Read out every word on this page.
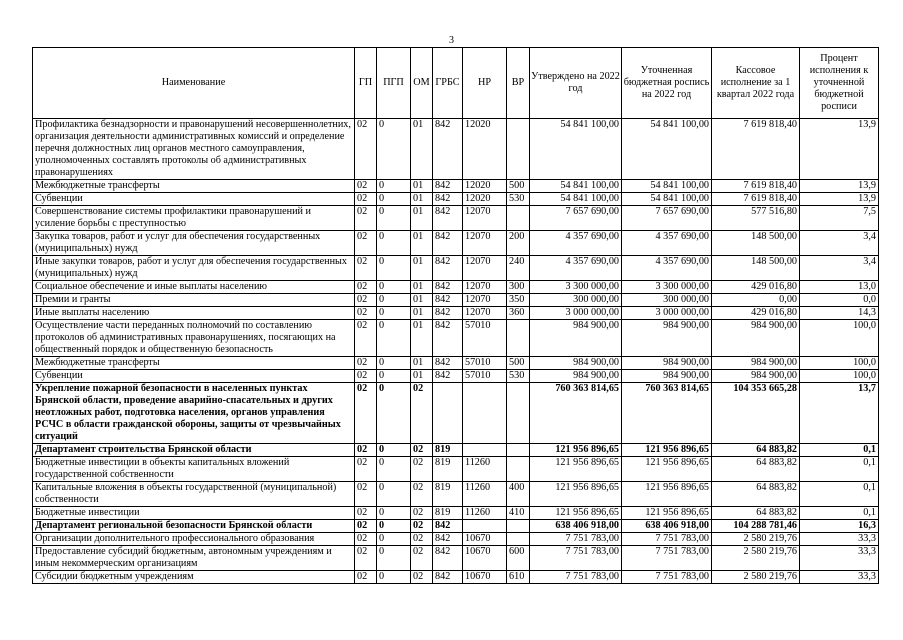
3
Наименование	ГП	ПГП	ОМ	ГРБС	НР	ВР	Утверждено на 2022 год	Уточненная бюджетная роспись на 2022 год	Кассовое исполнение за 1 квартал 2022 года	Процент исполнения к уточненной бюджетной росписи
Профилактика безнадзорности и правонарушений несовершеннолетних, организация деятельности административных комиссий и определение перечня должностных лиц органов местного самоуправления, уполномоченных составлять протоколы об административных правонарушениях	02	0	01	842	12020		54 841 100,00	54 841 100,00	7 619 818,40	13,9
Межбюджетные трансферты	02	0	01	842	12020	500	54 841 100,00	54 841 100,00	7 619 818,40	13,9
Субвенции	02	0	01	842	12020	530	54 841 100,00	54 841 100,00	7 619 818,40	13,9
Совершенствование системы профилактики правонарушений и усиление борьбы с преступностью	02	0	01	842	12070		7 657 690,00	7 657 690,00	577 516,80	7,5
Закупка товаров, работ и услуг для обеспечения государственных (муниципальных) нужд	02	0	01	842	12070	200	4 357 690,00	4 357 690,00	148 500,00	3,4
Иные закупки товаров, работ и услуг для обеспечения государственных (муниципальных) нужд	02	0	01	842	12070	240	4 357 690,00	4 357 690,00	148 500,00	3,4
Социальное обеспечение и иные выплаты населению	02	0	01	842	12070	300	3 300 000,00	3 300 000,00	429 016,80	13,0
Премии и гранты	02	0	01	842	12070	350	300 000,00	300 000,00	0,00	0,0
Иные выплаты населению	02	0	01	842	12070	360	3 000 000,00	3 000 000,00	429 016,80	14,3
Осуществление части переданных полномочий по составлению протоколов об административных правонарушениях, посягающих на общественный порядок и общественную безопасность	02	0	01	842	57010		984 900,00	984 900,00	984 900,00	100,0
Межбюджетные трансферты	02	0	01	842	57010	500	984 900,00	984 900,00	984 900,00	100,0
Субвенции	02	0	01	842	57010	530	984 900,00	984 900,00	984 900,00	100,0
Укрепление пожарной безопасности в населенных пунктах Брянской области, проведение аварийно-спасательных и других неотложных работ, подготовка населения, органов управления РСЧС в области гражданской обороны, защиты от чрезвычайных ситуаций	02	0	02				760 363 814,65	760 363 814,65	104 353 665,28	13,7
Департамент строительства Брянской области	02	0	02	819			121 956 896,65	121 956 896,65	64 883,82	0,1
Бюджетные инвестиции в объекты капитальных вложений государственной собственности	02	0	02	819	11260		121 956 896,65	121 956 896,65	64 883,82	0,1
Капитальные вложения в объекты государственной (муниципальной) собственности	02	0	02	819	11260	400	121 956 896,65	121 956 896,65	64 883,82	0,1
Бюджетные инвестиции	02	0	02	819	11260	410	121 956 896,65	121 956 896,65	64 883,82	0,1
Департамент региональной безопасности Брянской области	02	0	02	842			638 406 918,00	638 406 918,00	104 288 781,46	16,3
Организации дополнительного профессионального образования	02	0	02	842	10670		7 751 783,00	7 751 783,00	2 580 219,76	33,3
Предоставление субсидий бюджетным, автономным учреждениям и иным некоммерческим организациям	02	0	02	842	10670	600	7 751 783,00	7 751 783,00	2 580 219,76	33,3
Субсидии бюджетным учреждениям	02	0	02	842	10670	610	7 751 783,00	7 751 783,00	2 580 219,76	33,3
